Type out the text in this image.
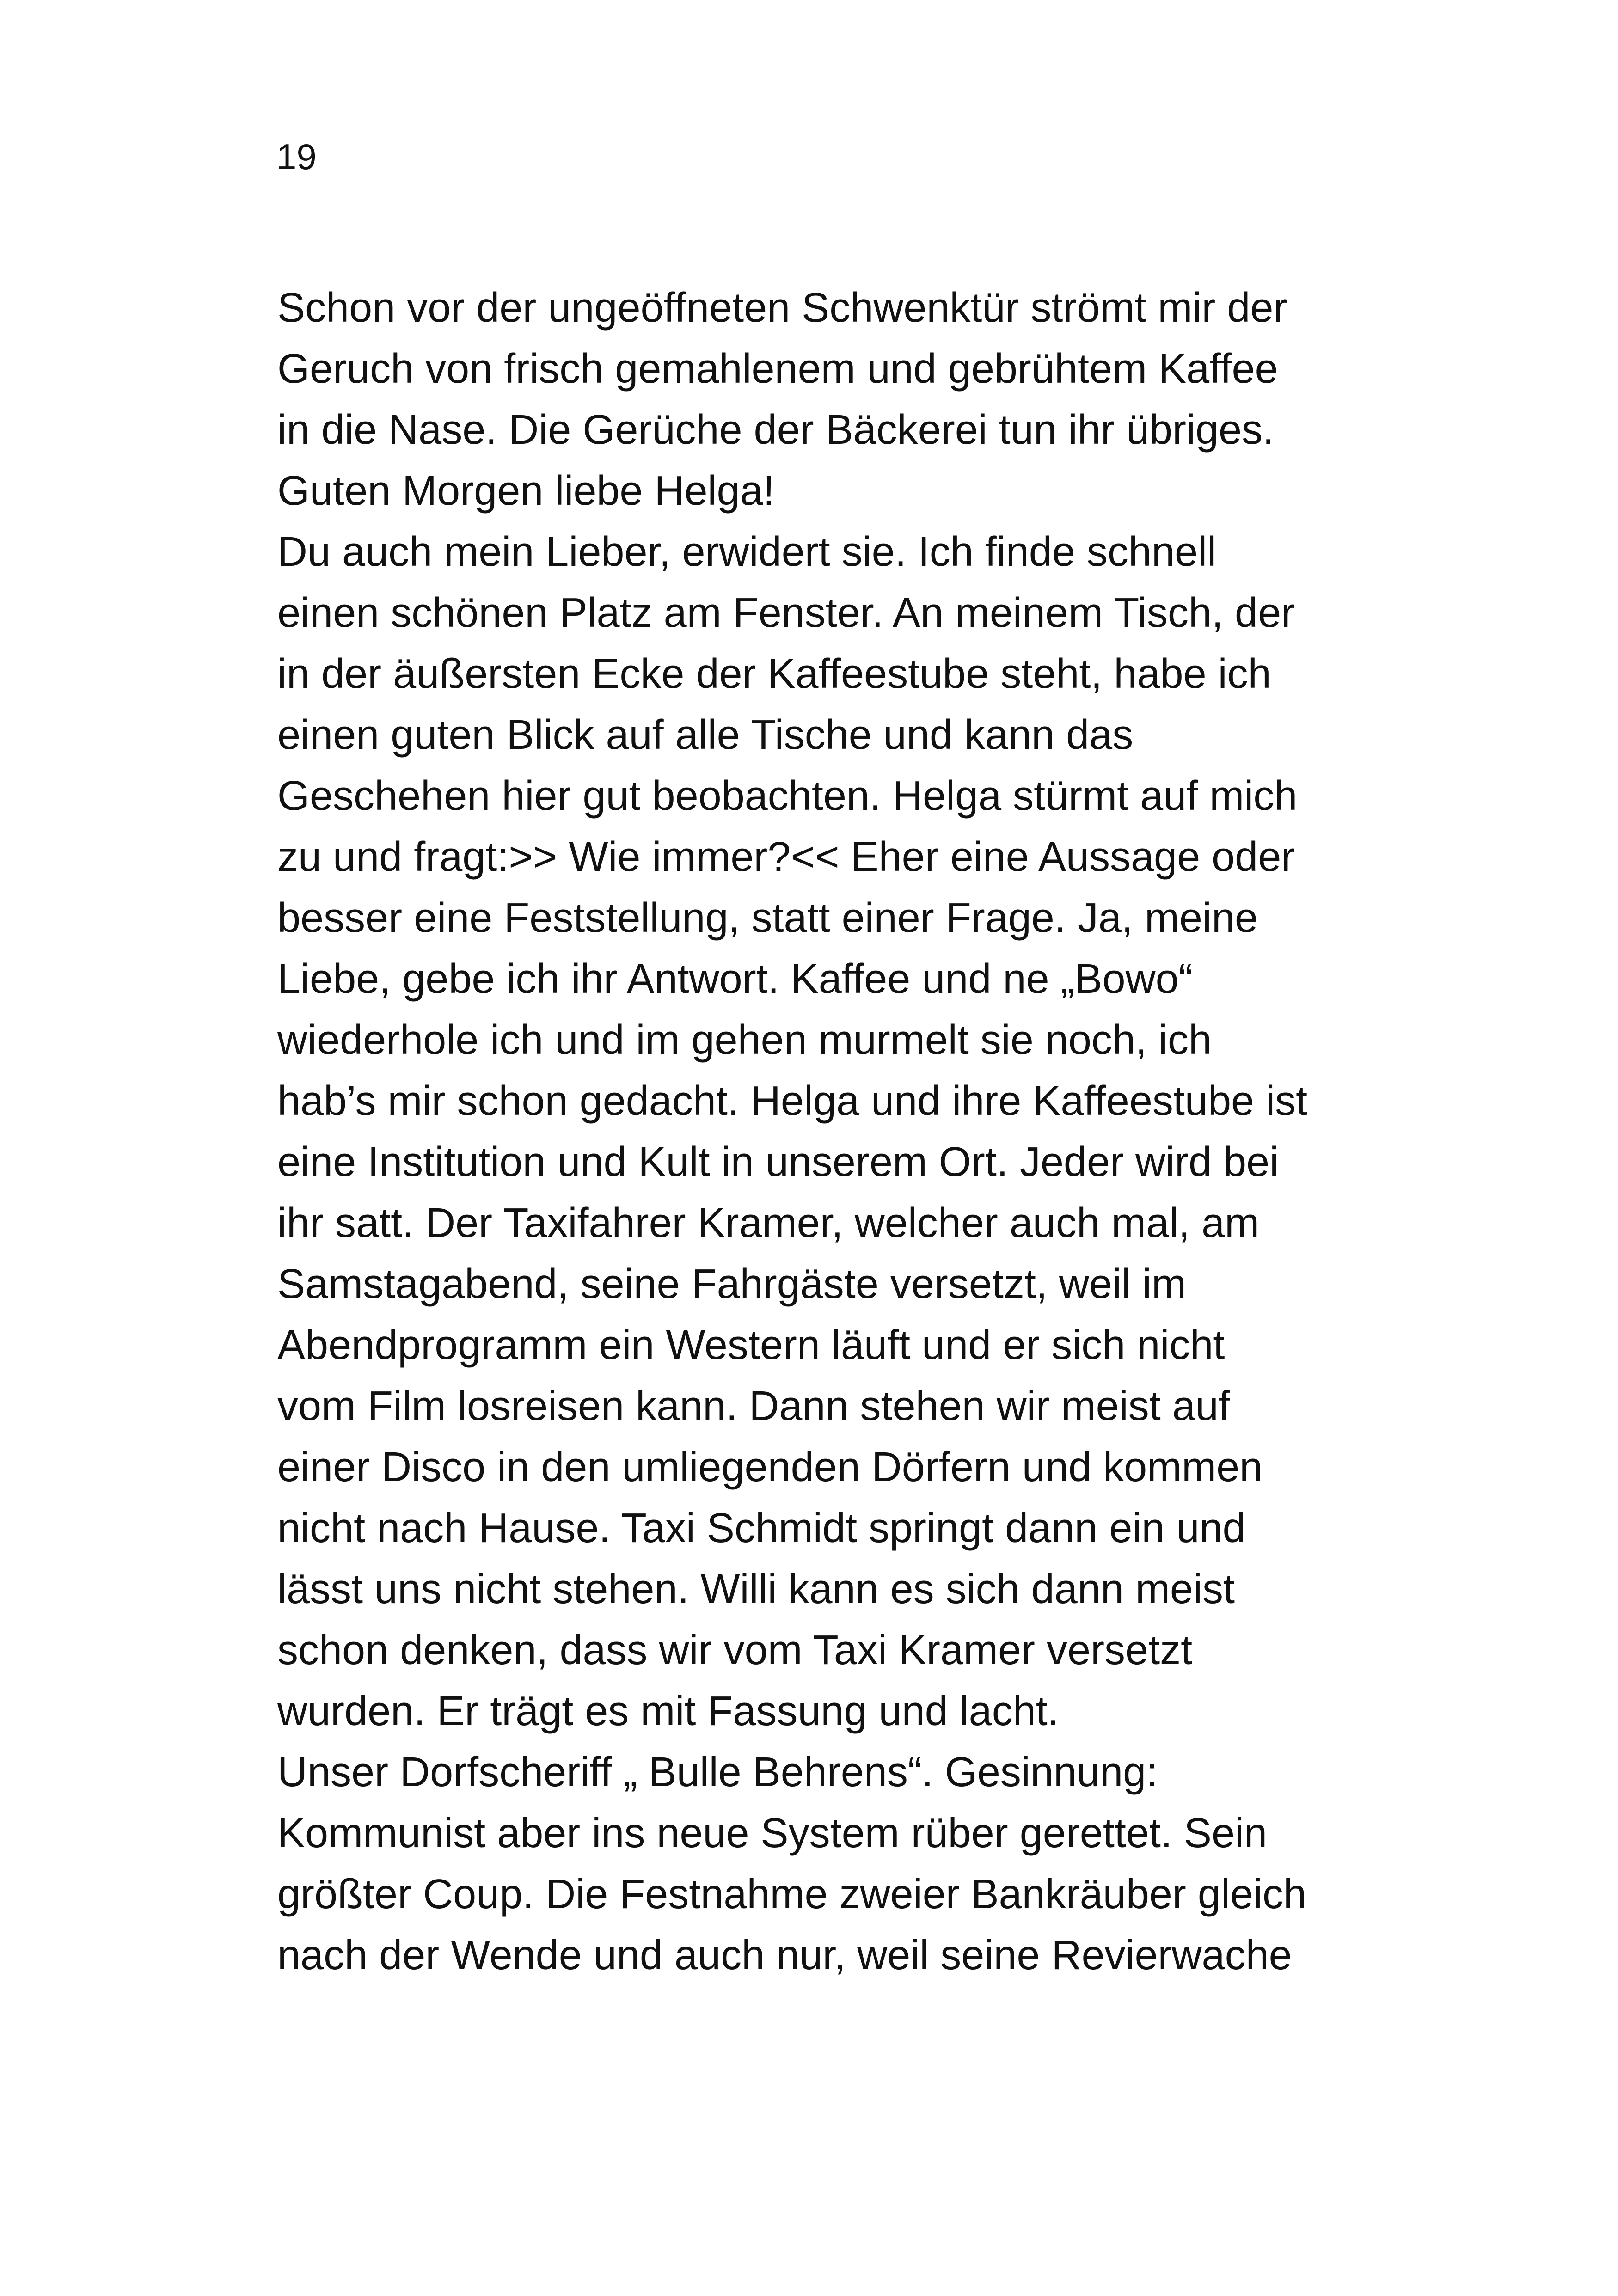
19
Schon vor der ungeöffneten Schwenktür strömt mir der
Geruch von frisch gemahlenem und gebrühtem Kaffee
in die Nase. Die Gerüche der Bäckerei tun ihr übriges.
Guten Morgen liebe Helga!
Du auch mein Lieber, erwidert sie. Ich finde schnell
einen schönen Platz am Fenster. An meinem Tisch, der
in der äußersten Ecke der Kaffeestube steht, habe ich
einen guten Blick auf alle Tische und kann das
Geschehen hier gut beobachten. Helga stürmt auf mich
zu und fragt:>> Wie immer?<< Eher eine Aussage oder
besser eine Feststellung, statt einer Frage. Ja, meine
Liebe, gebe ich ihr Antwort. Kaffee und ne „Bowo“
wiederhole ich und im gehen murmelt sie noch, ich
hab’s mir schon gedacht. Helga und ihre Kaffeestube ist
eine Institution und Kult in unserem Ort. Jeder wird bei
ihr satt. Der Taxifahrer Kramer, welcher auch mal, am
Samstagabend, seine Fahrgäste versetzt, weil im
Abendprogramm ein Western läuft und er sich nicht
vom Film losreisen kann. Dann stehen wir meist auf
einer Disco in den umliegenden Dörfern und kommen
nicht nach Hause. Taxi Schmidt springt dann ein und
lässt uns nicht stehen. Willi kann es sich dann meist
schon denken, dass wir vom Taxi Kramer versetzt
wurden. Er trägt es mit Fassung und lacht.
Unser Dorfscheriff „ Bulle Behrens“. Gesinnung:
Kommunist aber ins neue System rüber gerettet. Sein
größter Coup. Die Festnahme zweier Bankräuber gleich
nach der Wende und auch nur, weil seine Revierwache
